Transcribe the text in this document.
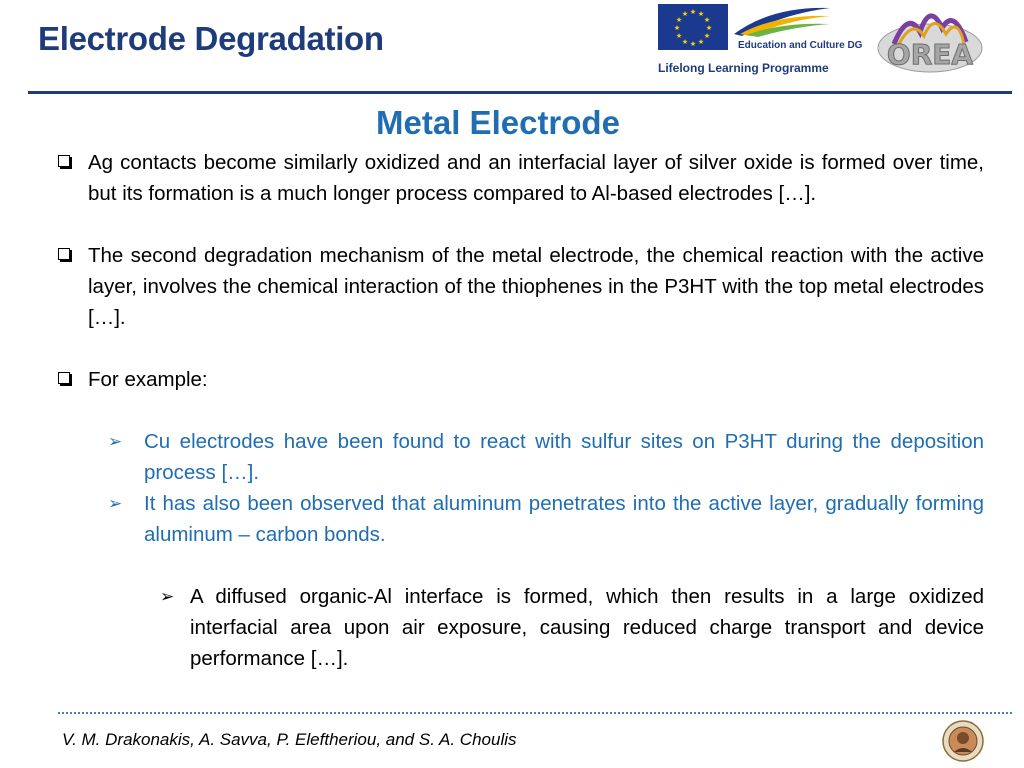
Electrode Degradation
★ ★
★
★
★
★
★
★
★
★
★
★
Education and Culture DG
Lifelong Learning Programme OREA
Metal Electrode
Ag contacts become similarly oxidized and an interfacial layer of silver oxide is formed over time, but its formation is a much longer process compared to Al-based electrodes […].
The second degradation mechanism of the metal electrode, the chemical reaction with the active layer, involves the chemical interaction of the thiophenes in the P3HT with the top metal electrodes […].
For example:
➢ Cu electrodes have been found to react with sulfur sites on P3HT during the deposition process […].
➢ It has also been observed that aluminum penetrates into the active layer, gradually forming aluminum – carbon bonds.
➢ A diffused organic-Al interface is formed, which then results in a large oxidized interfacial area upon air exposure, causing reduced charge transport and device performance […].
V. M. Drakonakis, A. Savva, P. Eleftheriou, and S. A. Choulis
